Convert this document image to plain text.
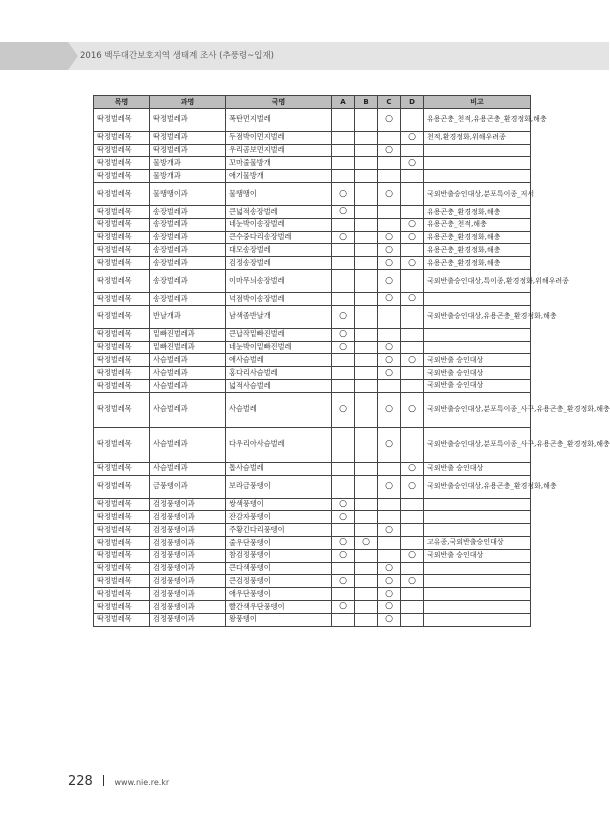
2016 백두대간보호지역 생태계 조사 (추풍령~입재)
목명	과명	국명	A	B	C	D	비고
딱정벌레목	딱정벌레과	폭탄먼지벌레			○		유용곤충_천적,유용곤충_환경정화,해충
딱정벌레목	딱정벌레과	두점박이먼지벌레				○	천적,환경정화,위해우려종
딱정벌레목	딱정벌레과	우리곰보먼지벌레			○		
딱정벌레목	물방개과	꼬마줄물방개				○	
딱정벌레목	물방개과	애기물방개					
딱정벌레목	물땡땡이과	물땡땡이	○		○		국외반출승인대상,분포특이종_저서
딱정벌레목	송장벌레과	큰넓적송장벌레	○				유용곤충_환경정화,해충
딱정벌레목	송장벌레과	네눈박이송장벌레				○	유용곤충_천적,해충
딱정벌레목	송장벌레과	큰수중다리송장벌레	○		○	○	유용곤충_환경정화,해충
딱정벌레목	송장벌레과	대모송장벌레			○		유용곤충_환경정화,해충
딱정벌레목	송장벌레과	검정송장벌레			○	○	유용곤충_환경정화,해충
딱정벌레목	송장벌레과	이마무늬송장벌레			○		국외반출승인대상,특이종,환경정화,위해우려종
딱정벌레목	송장벌레과	넉점박이송장벌레			○	○	
딱정벌레목	반날개과	남색좀반날개	○				국외반출승인대상,유용곤충_환경정화,해충
딱정벌레목	밑빠진벌레과	큰납작밑빠진벌레	○				
딱정벌레목	밑빠진벌레과	네눈박이밑빠진벌레	○		○		
딱정벌레목	사슴벌레과	애사슴벌레			○	○	국외반출 승인대상
딱정벌레목	사슴벌레과	홍다리사슴벌레			○		국외반출 승인대상
딱정벌레목	사슴벌레과	넓적사슴벌레					국외반출 승인대상
딱정벌레목	사슴벌레과	사슴벌레	○		○	○	국외반출승인대상,분포특이종_사구,유용곤충_환경정화,해충
딱정벌레목	사슴벌레과	다우리아사슴벌레			○		국외반출승인대상,분포특이종_사구,유용곤충_환경정화,해충
딱정벌레목	사슴벌레과	톱사슴벌레				○	국외반출 승인대상
딱정벌레목	금풍뎅이과	보라금풍뎅이			○	○	국외반출승인대상,유용곤충_환경정화,해충
딱정벌레목	검정풍뎅이과	쌍색풍뎅이	○				
딱정벌레목	검정풍뎅이과	잔감자풍뎅이	○				
딱정벌레목	검정풍뎅이과	주황긴다리풍뎅이			○		
딱정벌레목	검정풍뎅이과	줄우단풍뎅이	○	○			고유종,국외반출승인대상
딱정벌레목	검정풍뎅이과	참검정풍뎅이	○			○	국외반출 승인대상
딱정벌레목	검정풍뎅이과	큰다색풍뎅이			○		
딱정벌레목	검정풍뎅이과	큰검정풍뎅이	○		○	○	
딱정벌레목	검정풍뎅이과	애우단풍뎅이			○		
딱정벌레목	검정풍뎅이과	빨간색우단풍뎅이	○		○		
딱정벌레목	검정풍뎅이과	왕풍뎅이			○		
228	www.nie.re.kr
